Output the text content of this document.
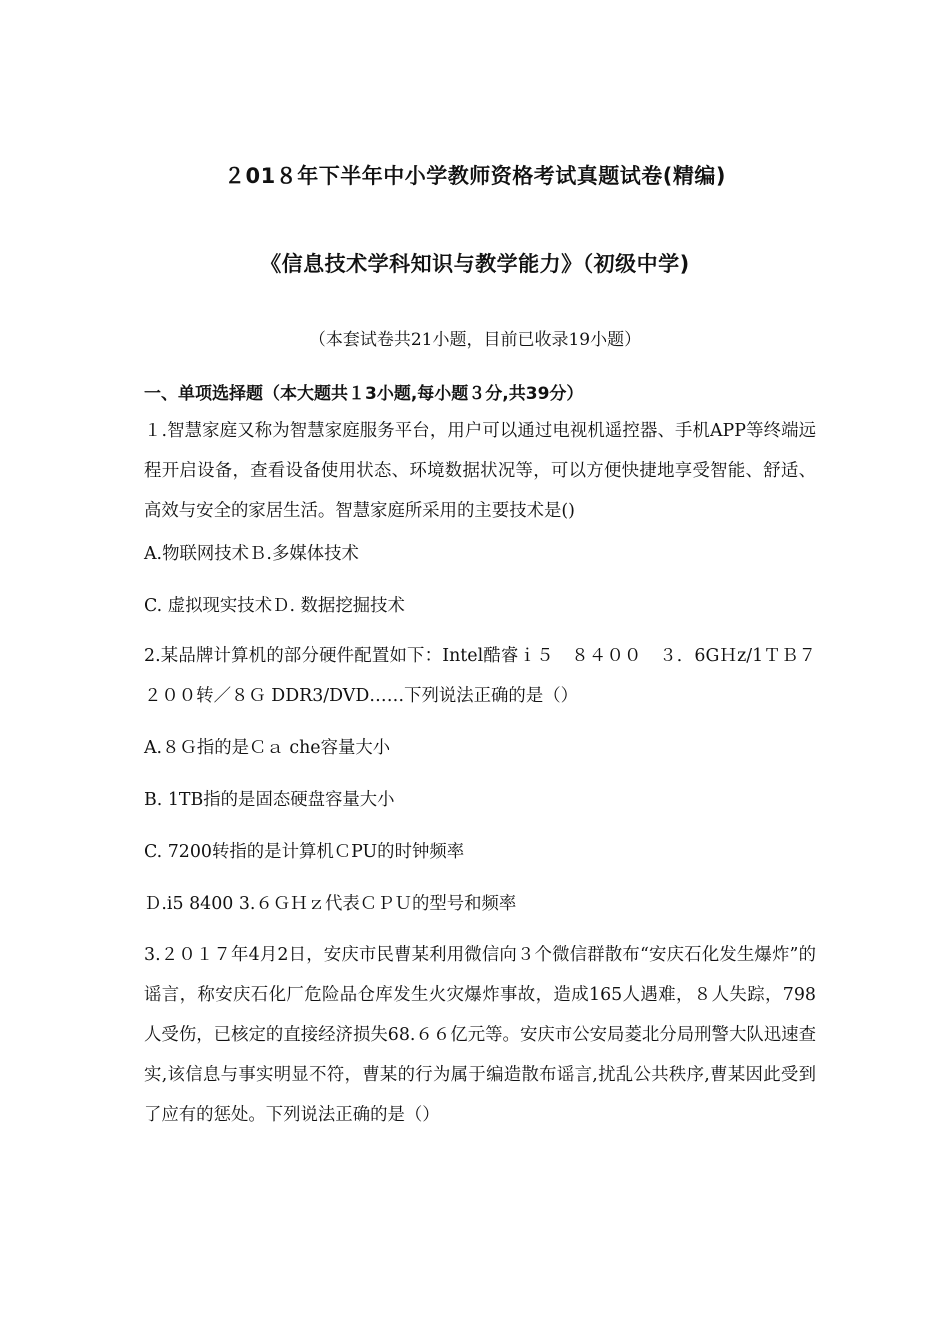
２01８年下半年中小学教师资格考试真题试卷(精编)
《信息技术学科知识与教学能力》（初级中学)
（本套试卷共21小题，目前已收录19小题）
一、单项选择题（本大题共１3小题,每小题３分,共39分）
１.智慧家庭又称为智慧家庭服务平台，用户可以通过电视机遥控器、手机APP等终端远程开启设备，查看设备使用状态、环境数据状况等，可以方便快捷地享受智能、舒适、高效与安全的家居生活。智慧家庭所采用的主要技术是()
A.物联网技术Ｂ.多媒体技术
C. 虚拟现实技术Ｄ. 数据挖掘技术
2.某品牌计算机的部分硬件配置如下：Intel酷睿ｉ５　８４００　３．6GＨz/1ＴＢ７２００转／８Ｇ DDR3/DVD……下列说法正确的是（）
A.８Ｇ指的是Ｃａ che容量大小
B. 1TB指的是固态硬盘容量大小
C. 7200转指的是计算机ＣPU的时钟频率
Ｄ.i5 8400 3.６ＧＨｚ代表ＣＰＵ的型号和频率
3.２０１７年4月2日，安庆市民曹某利用微信向３个微信群散布“安庆石化发生爆炸”的谣言，称安庆石化厂危险品仓库发生火灾爆炸事故，造成165人遇难，８人失踪，798人受伤，已核定的直接经济损失68.６６亿元等。安庆市公安局菱北分局刑警大队迅速查实,该信息与事实明显不符，曹某的行为属于编造散布谣言,扰乱公共秩序,曹某因此受到了应有的惩处。下列说法正确的是（）
